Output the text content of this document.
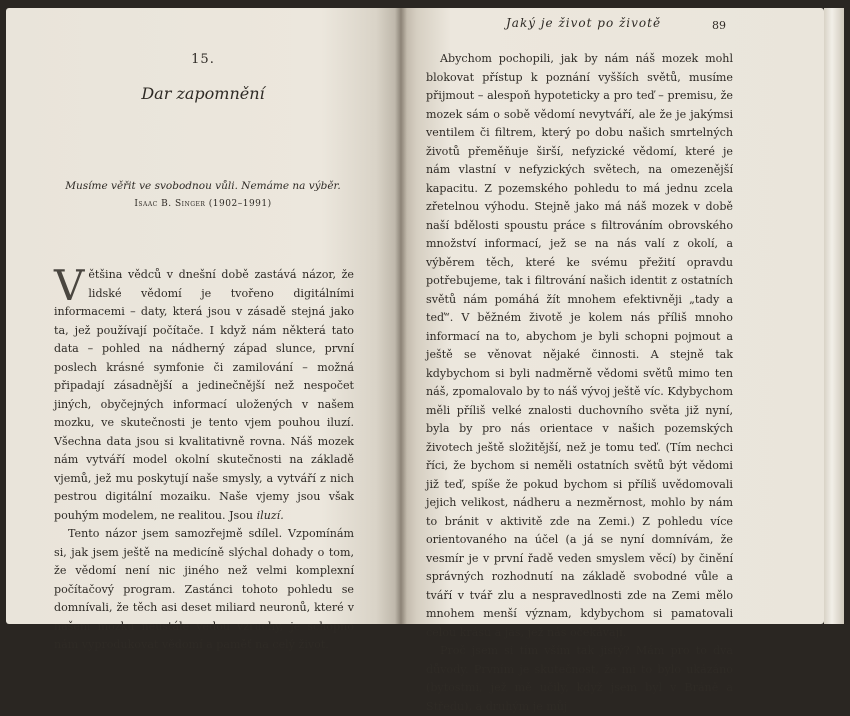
15.
Dar zapomnění
Musíme věřit ve svobodnou vůli. Nemáme na výběr.
Isaac B. Singer (1902–1991)

Většina vědců v dnešní době zastává názor, že lidské vědomí je tvořeno digitálními informacemi – daty, která jsou v zásadě stejná jako ta, jež používají počítače. I když nám některá tato data – pohled na nádherný západ slunce, první poslech krásné symfonie či zamilování – možná připadají zásadnější a jedinečnější než nespočet jiných, obyčejných informací uložených v našem mozku, ve skutečnosti je tento vjem pouhou iluzí. Všechna data jsou si kvalitativně rovna. Náš mozek nám vytváří model okolní skutečnosti na základě vjemů, jež mu poskytují naše smysly, a vytváří z nich pestrou digitální mozaiku. Naše vjemy jsou však pouhým modelem, ne realitou. Jsou iluzí.

Tento názor jsem samozřejmě sdílel. Vzpomínám si, jak jsem ještě na medicíně slýchal dohady o tom, že vědomí není nic jiného než velmi komplexní počítačový program. Zastánci tohoto pohledu se domnívali, že těch asi deset miliard neuronů, které v našem mozku neustále vedou vzruchy, je schopno nám vyprodukovat vědomí a paměť na celý život.

Jaký je život po životě	89

Abychom pochopili, jak by nám náš mozek mohl blokovat přístup k poznání vyšších světů, musíme přijmout – alespoň hypoteticky a pro teď – premisu, že mozek sám o sobě vědomí nevytváří, ale že je jakýmsi ventilem či filtrem, který po dobu našich smrtelných životů přeměňuje širší, nefyzické vědomí, které je nám vlastní v nefyzických světech, na omezenější kapacitu. Z pozemského pohledu to má jednu zcela zřetelnou výhodu. Stejně jako má náš mozek v době naší bdělosti spoustu práce s filtrováním obrovského množství informací, jež se na nás valí z okolí, a výběrem těch, které ke svému přežití opravdu potřebujeme, tak i filtrování našich identit z ostatních světů nám pomáhá žít mnohem efektivněji „tady a teď“. V běžném životě je kolem nás příliš mnoho informací na to, abychom je byli schopni pojmout a ještě se věnovat nějaké činnosti. A stejně tak kdybychom si byli nadměrně vědomi světů mimo ten náš, zpomalovalo by to náš vývoj ještě víc. Kdybychom měli příliš velké znalosti duchovního světa již nyní, byla by pro nás orientace v našich pozemských životech ještě složitější, než je tomu teď. (Tím nechci říci, že bychom si neměli ostatních světů být vědomi již teď, spíše že pokud bychom si příliš uvědomovali jejich velikost, nádheru a nezměrnost, mohlo by nám to bránit v aktivitě zde na Zemi.) Z pohledu více orientovaného na účel (a já se nyní domnívám, že vesmír je v první řadě veden smyslem věcí) by činění správných rozhodnutí na základě svobodné vůle a tváří v tvář zlu a nespravedlnosti zde na Zemi mělo mnohem menší význam, kdybychom si pamatovali celou krásu a jas, jež nás očekávají.

Proč jsem si tím vším tak jistý? Mám pro to dva důvody. Prvním je skutečnost, že mi to bylo ukázáno (bytostmi, jež mě učily, když jsem byl v Bráně a Středu), a druhým je můj
